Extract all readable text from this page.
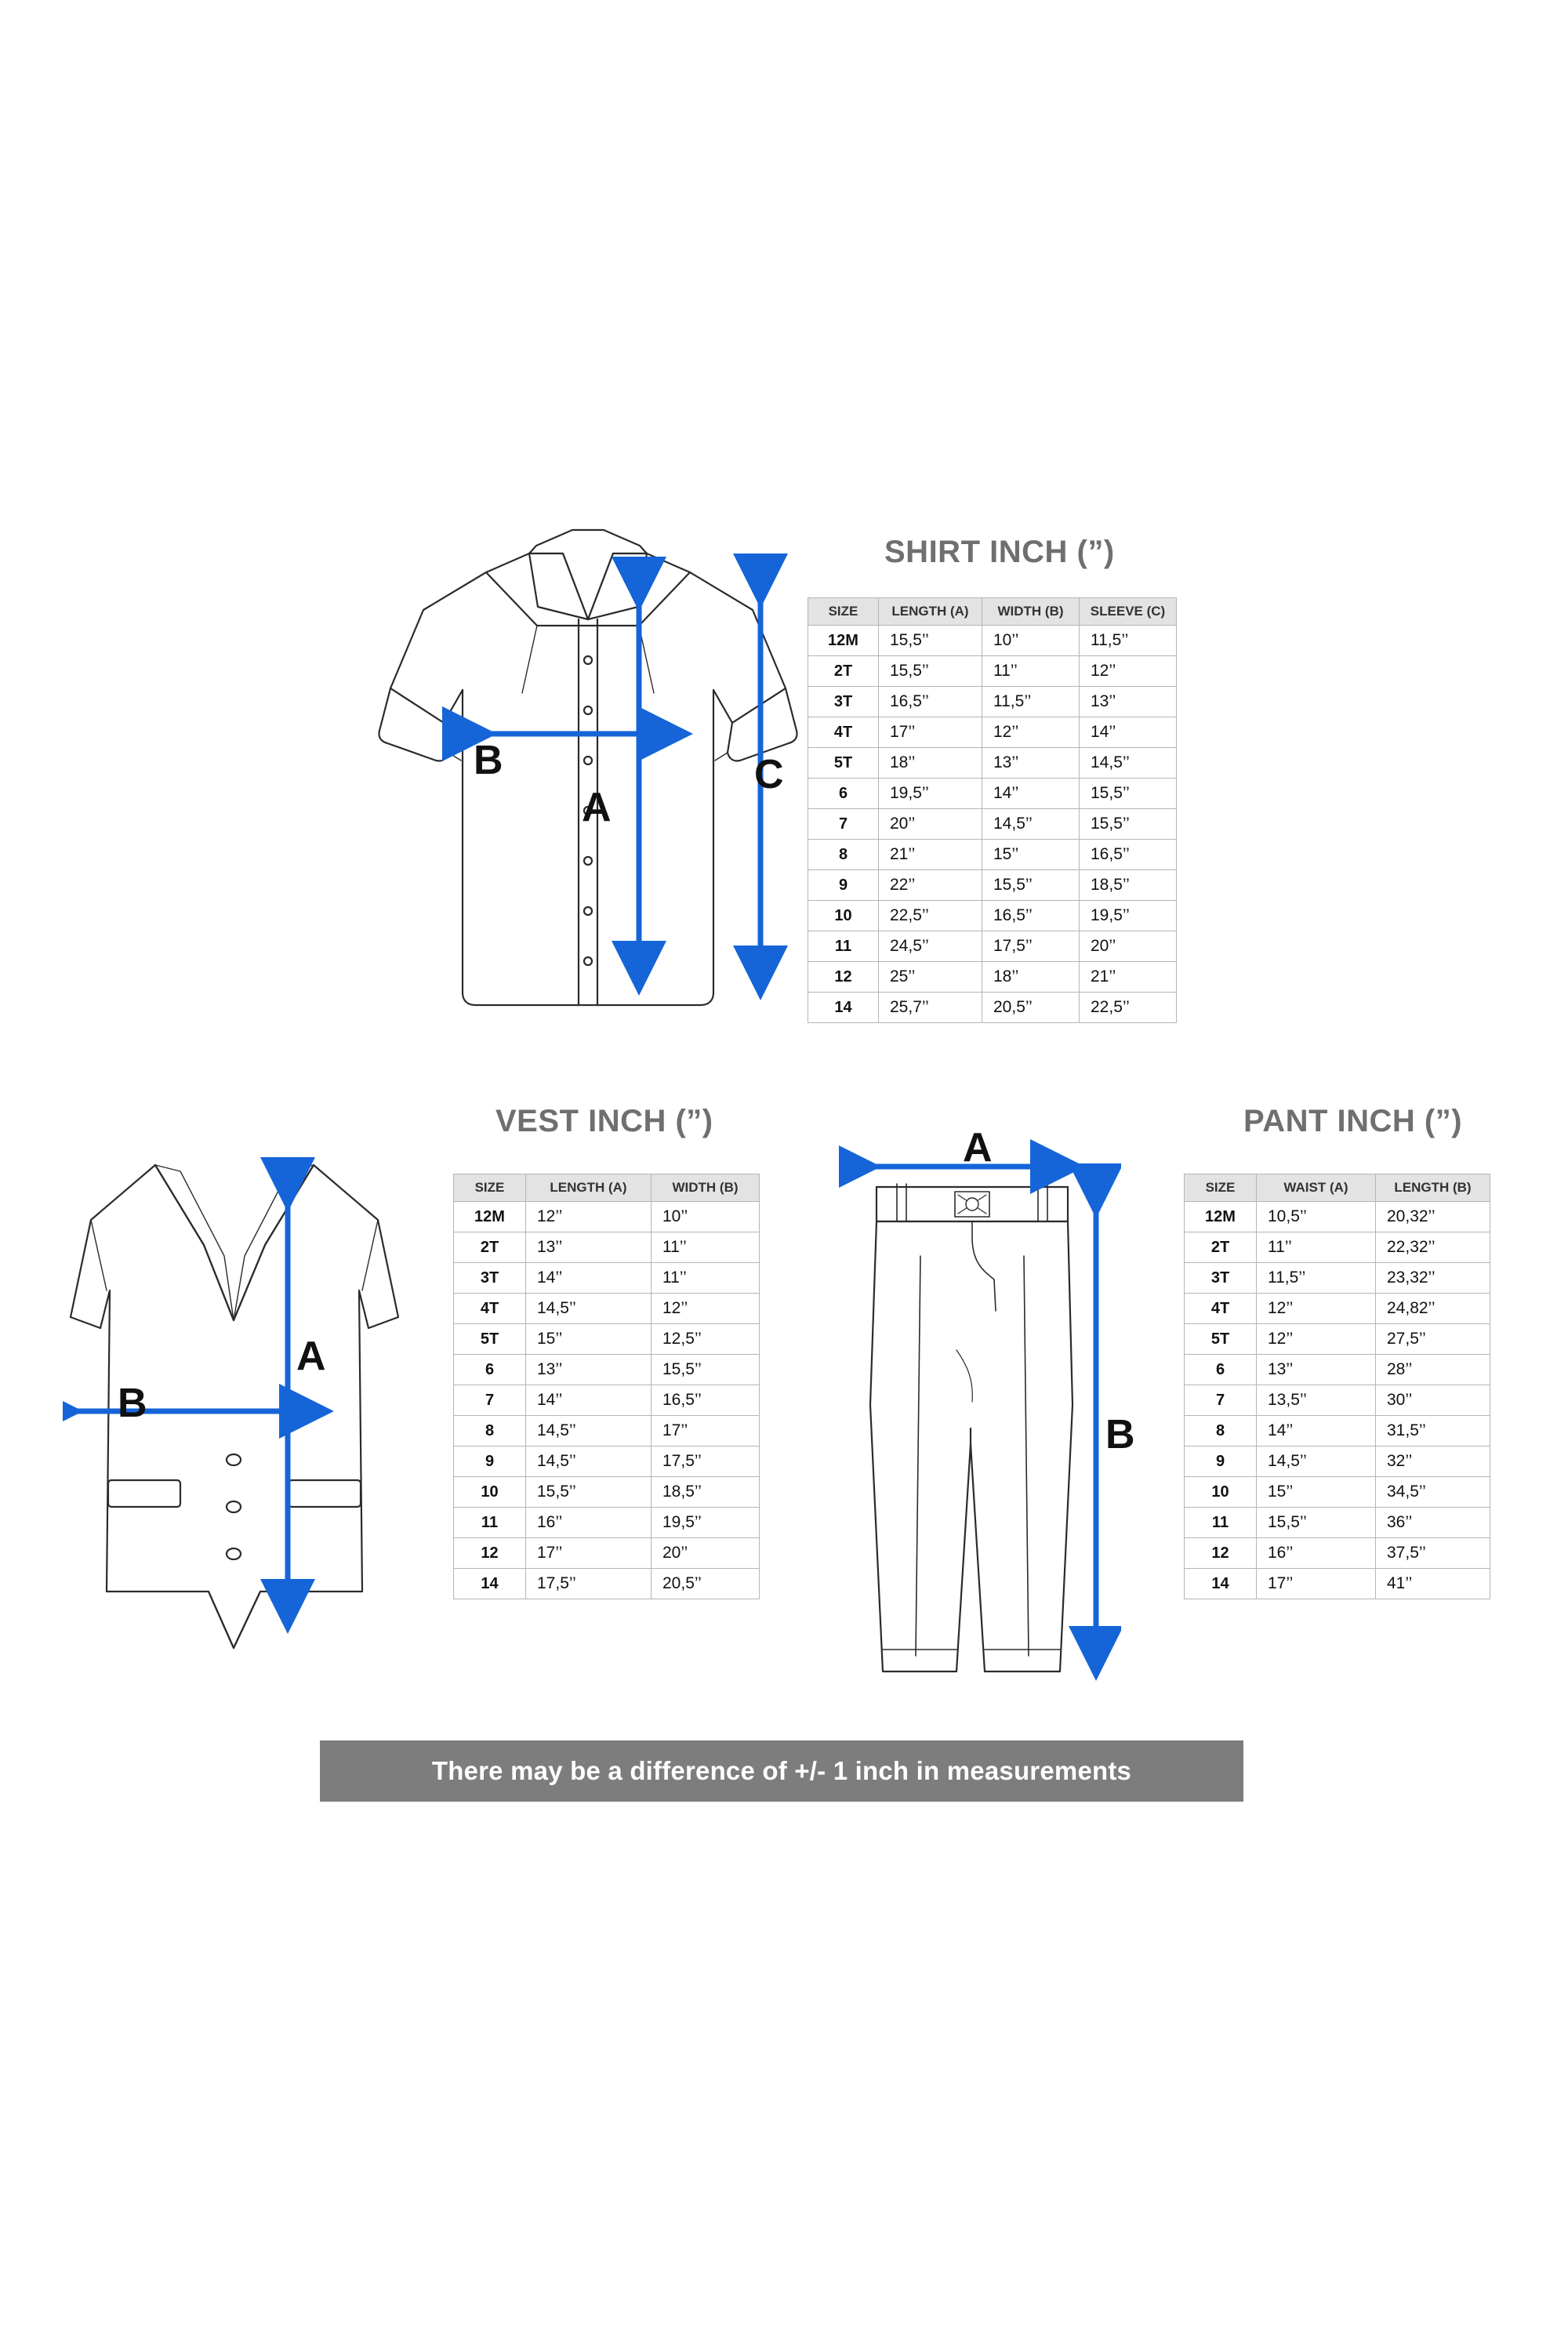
A
B	C
SHIRT INCH (”)
SIZE	LENGTH (A)	WIDTH (B)	SLEEVE (C)
12M	15,5’’	10’’	11,5’’
2T	15,5’’	11’’	12’’
3T	16,5’’	11,5’’	13’’
4T	17’’	12’’	14’’
5T	18’’	13’’	14,5’’
6	19,5’’	14’’	15,5’’
7	20’’	14,5’’	15,5’’
8	21’’	15’’	16,5’’
9	22’’	15,5’’	18,5’’
10	22,5’’	16,5’’	19,5’’
11	24,5’’	17,5’’	20’’
12	25’’	18’’	21’’
14	25,7’’	20,5’’	22,5’’
A
B
VEST INCH (”)
SIZE	LENGTH (A)	WIDTH (B)
12M	12’’	10’’
2T	13’’	11’’
3T	14’’	11’’
4T	14,5’’	12’’
5T	15’’	12,5’’
6	13’’	15,5’’
7	14’’	16,5’’
8	14,5’’	17’’
9	14,5’’	17,5’’
10	15,5’’	18,5’’
11	16’’	19,5’’
12	17’’	20’’
14	17,5’’	20,5’’
A
B
PANT INCH (”)
SIZE	WAIST (A)	LENGTH (B)
12M	10,5’’	20,32’’
2T	11’’	22,32’’
3T	11,5’’	23,32’’
4T	12’’	24,82’’
5T	12’’	27,5’’
6	13’’	28’’
7	13,5’’	30’’
8	14’’	31,5’’
9	14,5’’	32’’
10	15’’	34,5’’
11	15,5’’	36’’
12	16’’	37,5’’
14	17’’	41’’
There may be a difference of +/- 1 inch in measurements
